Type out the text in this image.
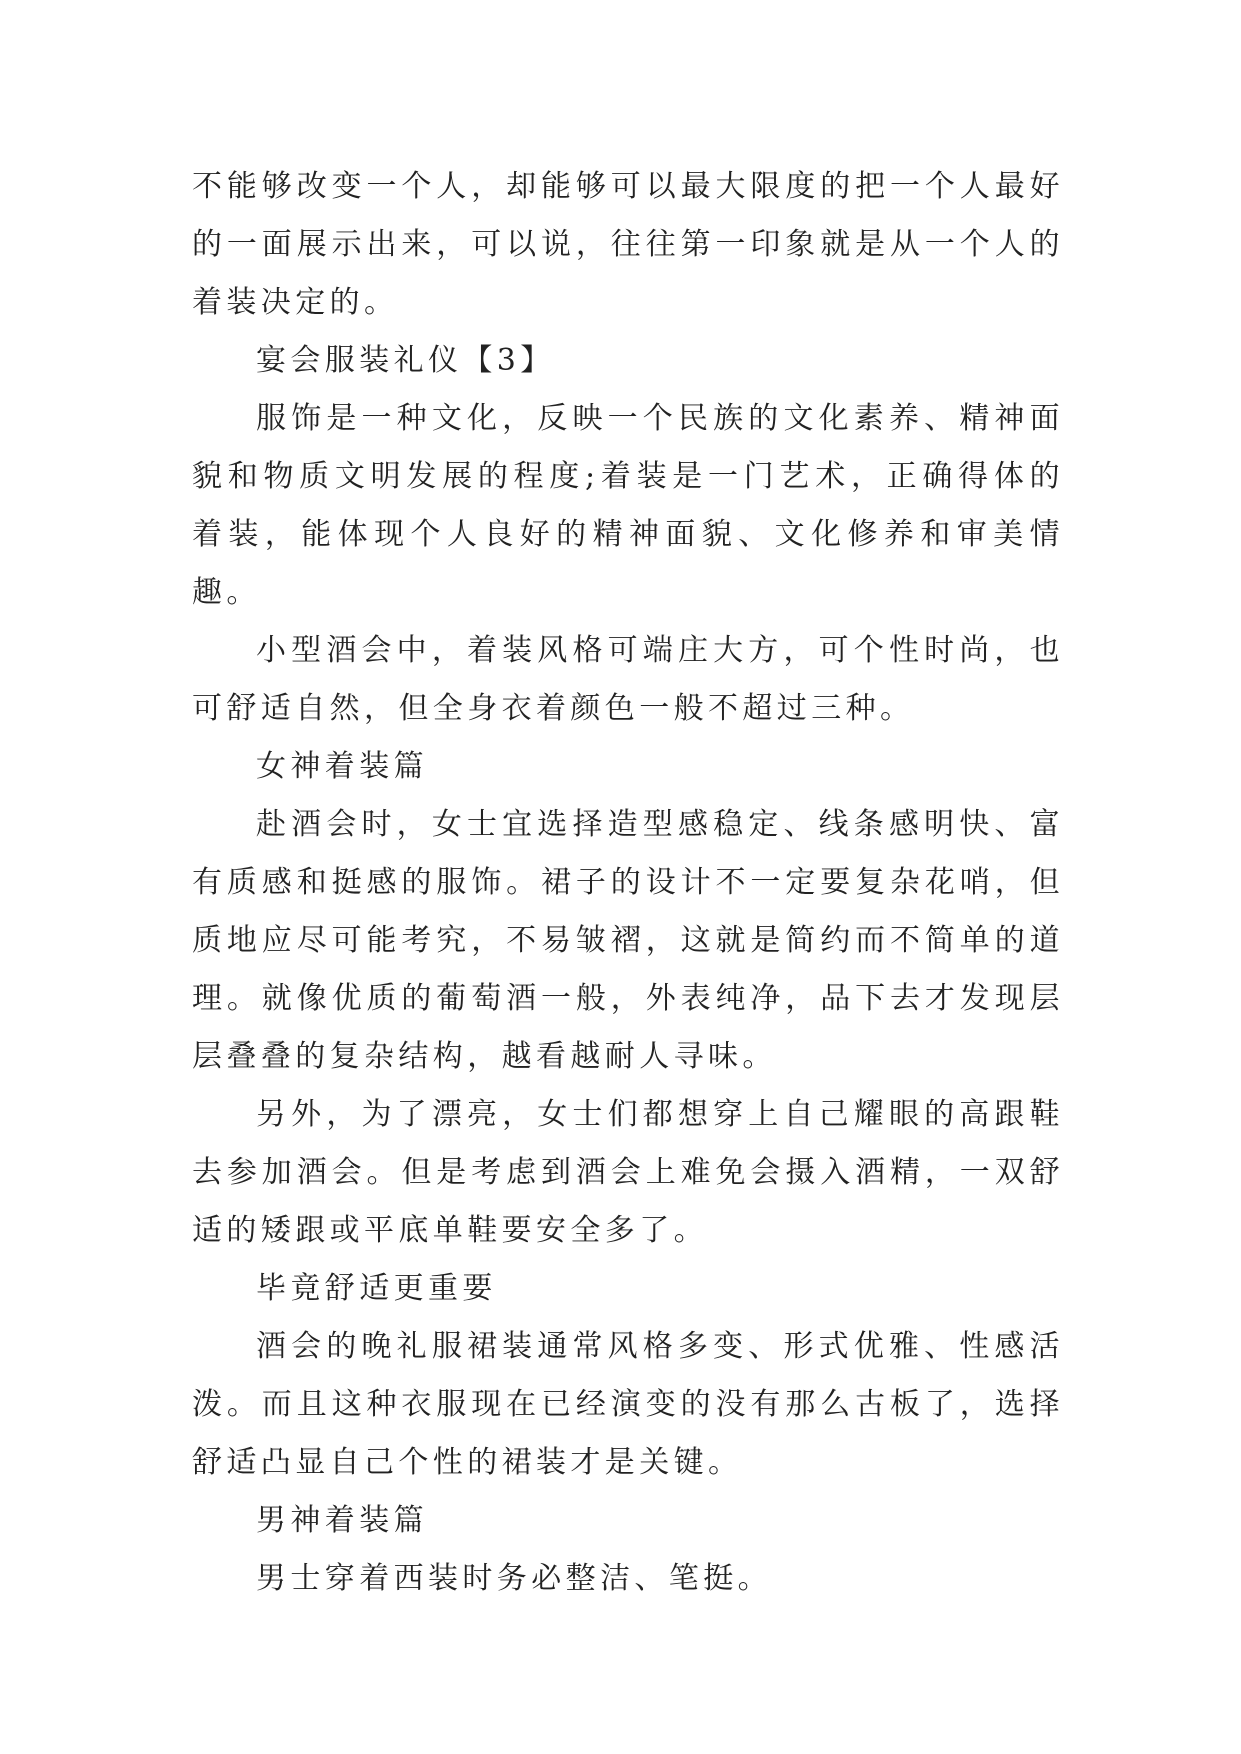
不能够改变一个人，却能够可以最大限度的把一个人最好的一面展示出来，可以说，往往第一印象就是从一个人的着装决定的。

宴会服装礼仪【3】

服饰是一种文化，反映一个民族的文化素养、精神面貌和物质文明发展的程度;着装是一门艺术，正确得体的着装，能体现个人良好的精神面貌、文化修养和审美情趣。

小型酒会中，着装风格可端庄大方，可个性时尚，也可舒适自然，但全身衣着颜色一般不超过三种。

女神着装篇

赴酒会时，女士宜选择造型感稳定、线条感明快、富有质感和挺感的服饰。裙子的设计不一定要复杂花哨，但质地应尽可能考究，不易皱褶，这就是简约而不简单的道理。就像优质的葡萄酒一般，外表纯净，品下去才发现层层叠叠的复杂结构，越看越耐人寻味。

另外，为了漂亮，女士们都想穿上自己耀眼的高跟鞋去参加酒会。但是考虑到酒会上难免会摄入酒精，一双舒适的矮跟或平底单鞋要安全多了。

毕竟舒适更重要

酒会的晚礼服裙装通常风格多变、形式优雅、性感活泼。而且这种衣服现在已经演变的没有那么古板了，选择舒适凸显自己个性的裙装才是关键。

男神着装篇

男士穿着西装时务必整洁、笔挺。
